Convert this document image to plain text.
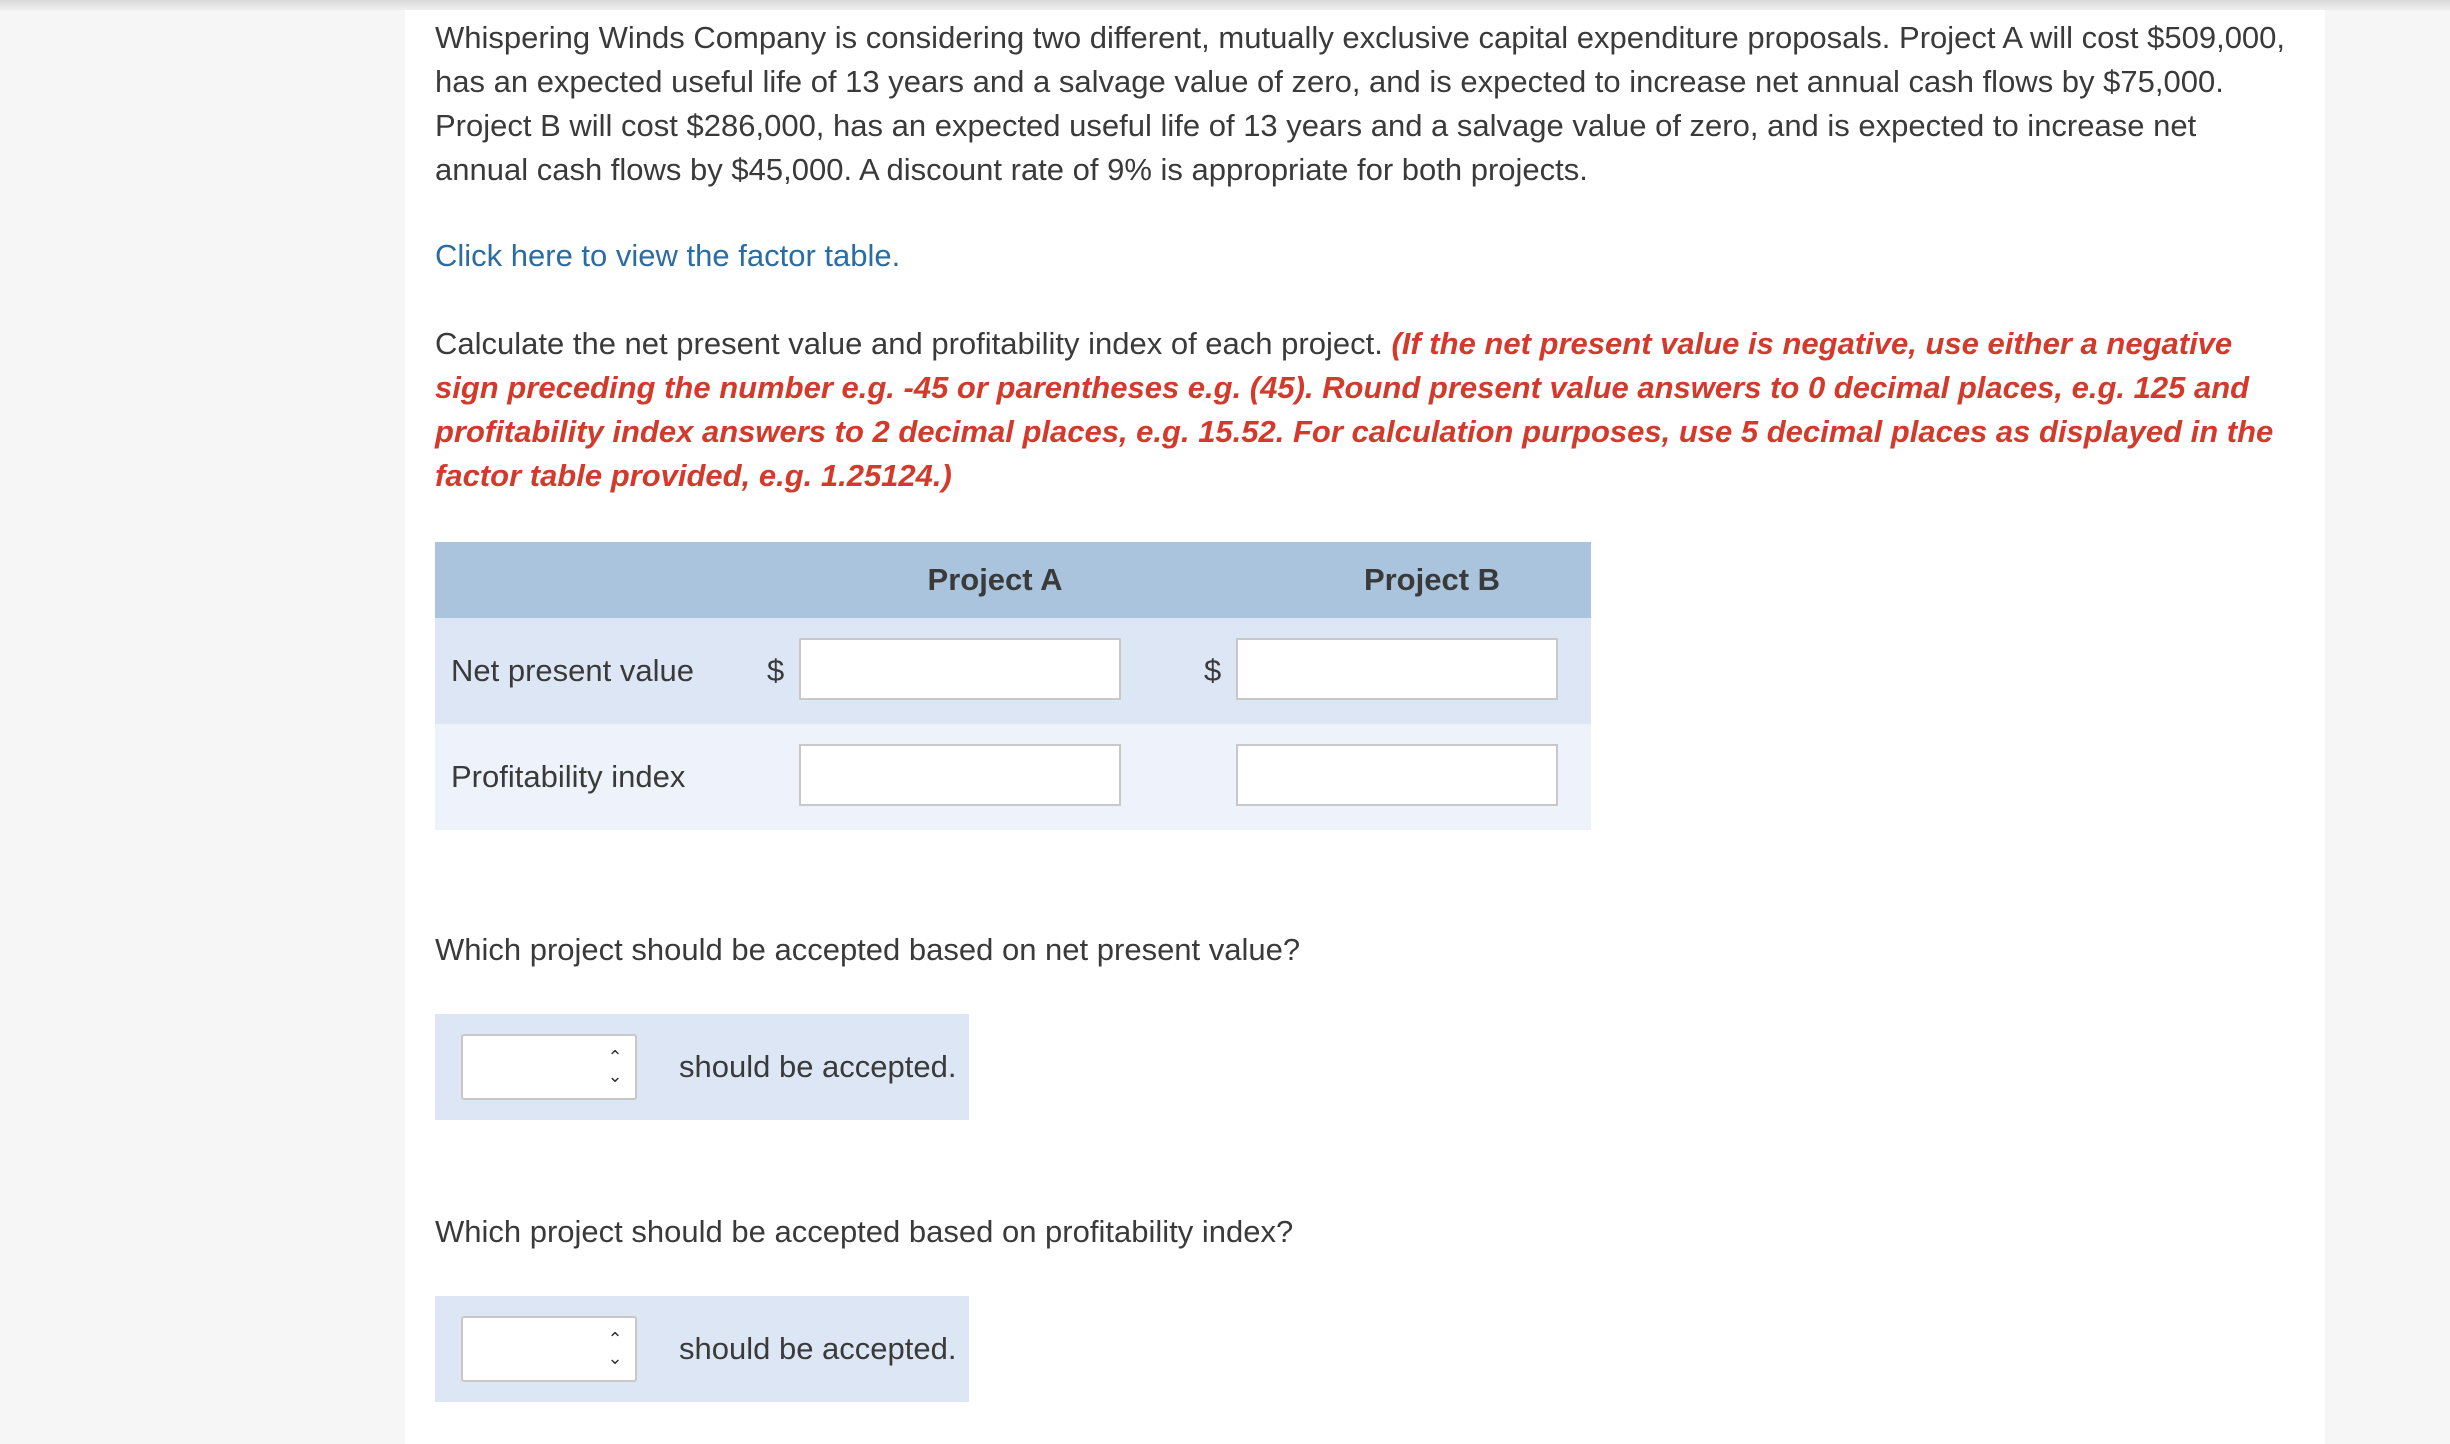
Whispering Winds Company is considering two different, mutually exclusive capital expenditure proposals. Project A will cost $509,000, has an expected useful life of 13 years and a salvage value of zero, and is expected to increase net annual cash flows by $75,000. Project B will cost $286,000, has an expected useful life of 13 years and a salvage value of zero, and is expected to increase net annual cash flows by $45,000. A discount rate of 9% is appropriate for both projects.

Click here to view the factor table.

Calculate the net present value and profitability index of each project. (If the net present value is negative, use either a negative sign preceding the number e.g. -45 or parentheses e.g. (45). Round present value answers to 0 decimal places, e.g. 125 and profitability index answers to 2 decimal places, e.g. 15.52. For calculation purposes, use 5 decimal places as displayed in the factor table provided, e.g. 1.25124.)

Project A	Project B
Net present value $	$
Profitability index
Which project should be accepted based on net present value?
⌃
⌄ should be accepted.
Which project should be accepted based on profitability index?
⌃
⌄ should be accepted.
